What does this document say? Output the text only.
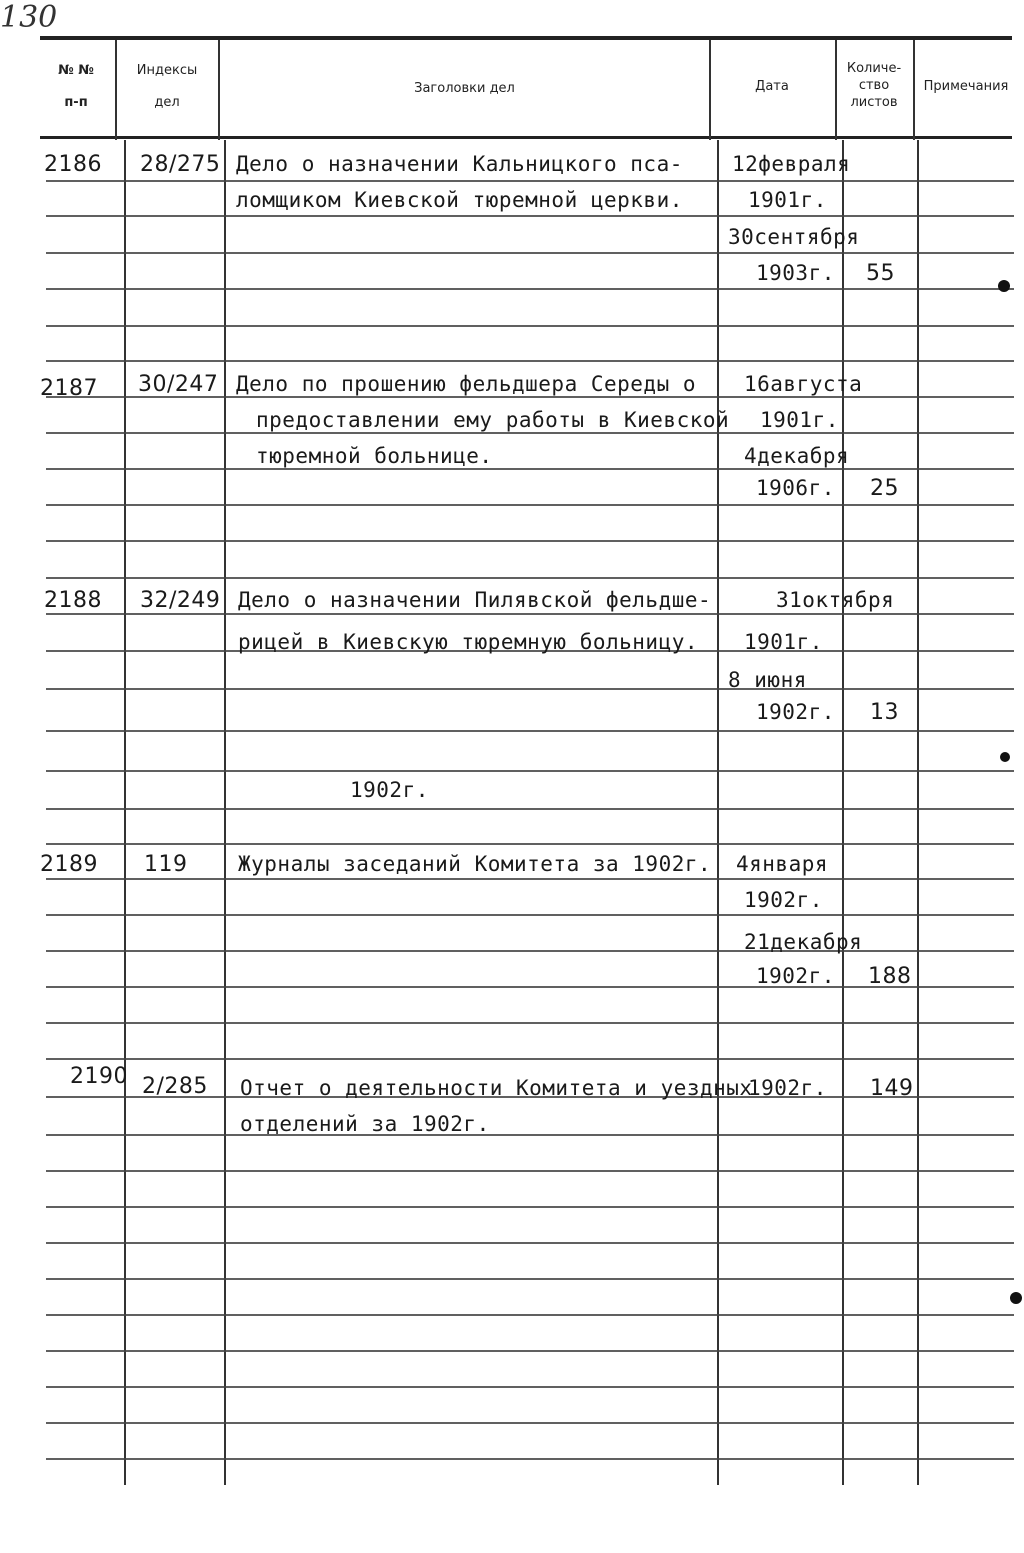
130
№ №
п-п
Индексы
дел
Заголовки дел	Дата
Количе-
ство
листов
Примечания
2186 28/275 Дело о назначении Кальницкого пса-
ломщиком Киевской тюремной церкви.
12февраля
1901г.
30сентября
1903г. 55
2187 30/247 Дело по прошению фельдшера Середы о
предоставлении ему работы в Киевской
тюремной больнице.
16августа
1901г.
4декабря
1906г. 25
2188 32/249 Дело о назначении Пилявской фельдше-
рицей в Киевскую тюремную больницу.
31октября
1901г.
8 июня
1902г. 13
1902г.
2189 119 Журналы заседаний Комитета за 1902г. 4января
1902г.
21декабря
1902г. 188
2190 2/285 Отчет о деятельности Комитета и уездных
отделений за 1902г.
1902г. 149
